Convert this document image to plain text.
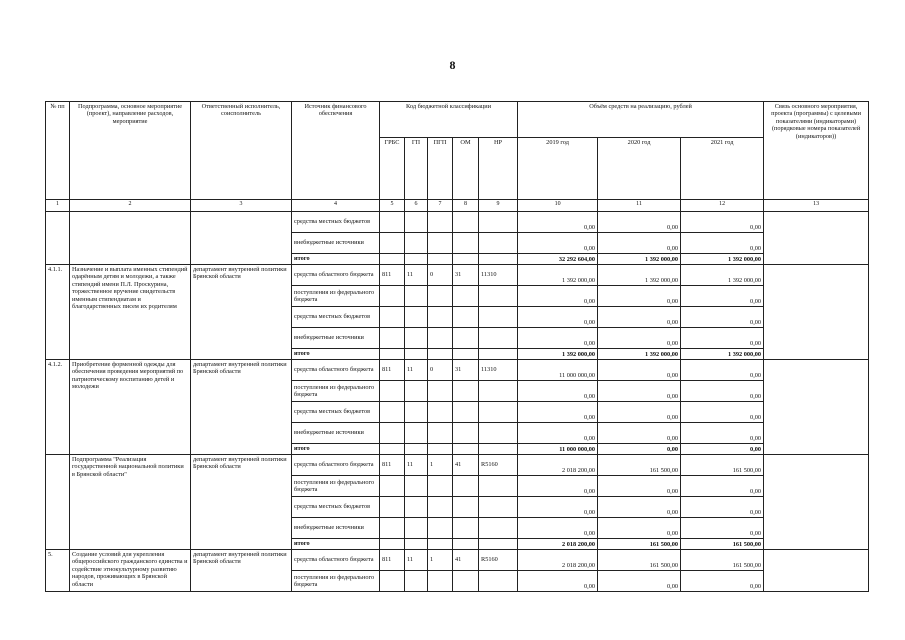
8
№ пп	Подпрограмма, основное мероприятие (проект), направление расходов, мероприятие	Ответственный исполнитель, соисполнитель	Источник финансового обеспечения	Код бюджетной классификации					Объём средств на реализацию, рублей			Связь основного мероприятия, проекта (программы) с целевыми показателями (индикаторами) (порядковые номера показателей (индикаторов))
				ГРБС	ГП	ПГП	ОМ	НР	2019 год	2020 год	2021 год	
1	2	3	4	5	6	7	8	9	10	11	12	13
			средства местных бюджетов						0,00	0,00	0,00	
			внебюджетные источники						0,00	0,00	0,00	
			итого						32 292 604,00	1 392 000,00	1 392 000,00	
4.1.1.	Назначение и выплата именных стипендий одарённым детям и молодежи, а также стипендий имени П.Л. Проскурина, торжественное вручение свидетельств именным стипендиатам и благодарственных писем их родителям	департамент внутренней политики Брянской области	средства областного бюджета	811	11	0	31	11310	1 392 000,00	1 392 000,00	1 392 000,00	
			поступления из федерального бюджета						0,00	0,00	0,00	
			средства местных бюджетов						0,00	0,00	0,00	
			внебюджетные источники						0,00	0,00	0,00	
			итого						1 392 000,00	1 392 000,00	1 392 000,00	
4.1.2.	Приобретение форменной одежды для обеспечения проведения мероприятий по патриотическому воспитанию детей и молодежи	департамент внутренней политики Брянской области	средства областного бюджета	811	11	0	31	11310	11 000 000,00	0,00	0,00	
			поступления из федерального бюджета						0,00	0,00	0,00	
			средства местных бюджетов						0,00	0,00	0,00	
			внебюджетные источники						0,00	0,00	0,00	
			итого						11 000 000,00	0,00	0,00	
	Подпрограмма "Реализация государственной национальной политики в Брянской области"	департамент внутренней политики Брянской области	средства областного бюджета	811	11	1	41	R5160	2 018 200,00	161 500,00	161 500,00	
			поступления из федерального бюджета						0,00	0,00	0,00	
			средства местных бюджетов						0,00	0,00	0,00	
			внебюджетные источники						0,00	0,00	0,00	
			итого						2 018 200,00	161 500,00	161 500,00	
5.	Создание условий для укрепления общероссийского гражданского единства и содействие этнокультурному развитию народов, проживающих в Брянской области	департамент внутренней политики Брянской области	средства областного бюджета	811	11	1	41	R5160	2 018 200,00	161 500,00	161 500,00	
			поступления из федерального бюджета						0,00	0,00	0,00	
